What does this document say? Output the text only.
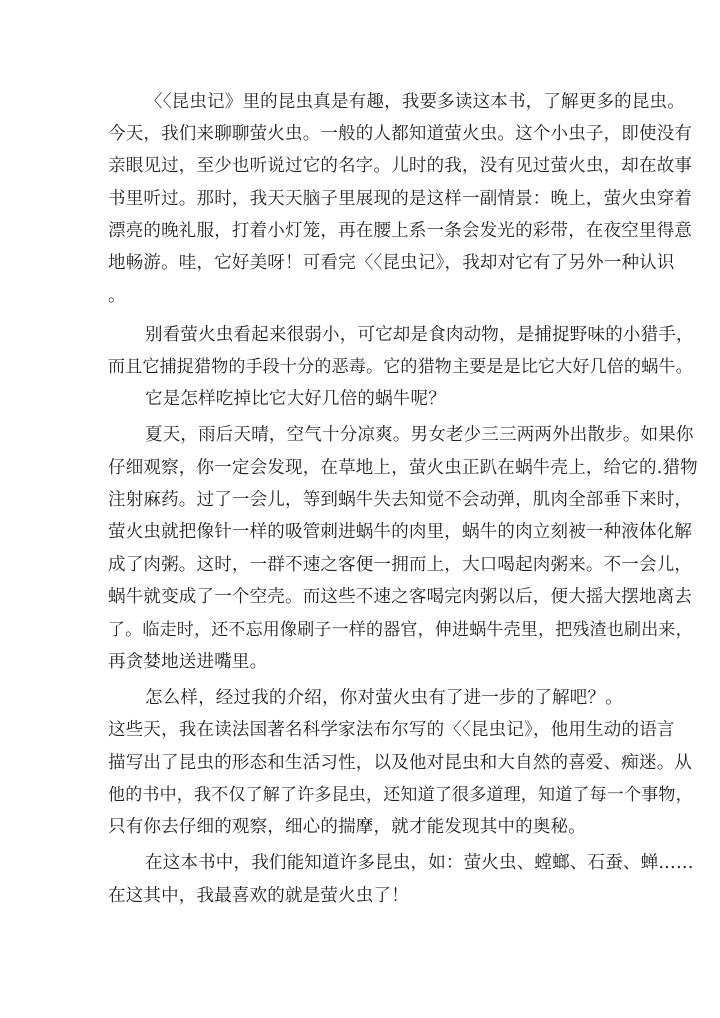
〈〈昆虫记》里的昆虫真是有趣，我要多读这本书，了解更多的昆虫。
今天，我们来聊聊萤火虫。一般的人都知道萤火虫。这个小虫子，即使没有
亲眼见过，至少也听说过它的名字。儿时的我，没有见过萤火虫，却在故事
书里听过。那时，我天天脑子里展现的是这样一副情景：晚上，萤火虫穿着
漂亮的晚礼服，打着小灯笼，再在腰上系一条会发光的彩带，在夜空里得意
地畅游。哇，它好美呀！可看完〈〈昆虫记》，我却对它有了另外一种认识
。
别看萤火虫看起来很弱小，可它却是食肉动物，是捕捉野味的小猎手，
而且它捕捉猎物的手段十分的恶毒。它的猎物主要是是比它大好几倍的蜗牛。
它是怎样吃掉比它大好几倍的蜗牛呢？
夏天，雨后天晴，空气十分凉爽。男女老少三三两两外出散步。如果你
仔细观察，你一定会发现，在草地上，萤火虫正趴在蜗牛壳上，给它的.猎物
注射麻药。过了一会儿，等到蜗牛失去知觉不会动弹，肌肉全部垂下来时，
萤火虫就把像针一样的吸管刺进蜗牛的肉里，蜗牛的肉立刻被一种液体化解
成了肉粥。这时，一群不速之客便一拥而上，大口喝起肉粥来。不一会儿，
蜗牛就变成了一个空壳。而这些不速之客喝完肉粥以后，便大摇大摆地离去
了。临走时，还不忘用像刷子一样的器官，伸进蜗牛壳里，把残渣也刷出来，
再贪婪地送进嘴里。
怎么样，经过我的介绍，你对萤火虫有了进一步的了解吧？。
这些天，我在读法国著名科学家法布尔写的〈〈昆虫记》，他用生动的语言
描写出了昆虫的形态和生活习性，以及他对昆虫和大自然的喜爱、痴迷。从
他的书中，我不仅了解了许多昆虫，还知道了很多道理，知道了每一个事物，
只有你去仔细的观察，细心的揣摩，就才能发现其中的奥秘。
在这本书中，我们能知道许多昆虫，如：萤火虫、螳螂、石蚕、蝉……
在这其中，我最喜欢的就是萤火虫了！
